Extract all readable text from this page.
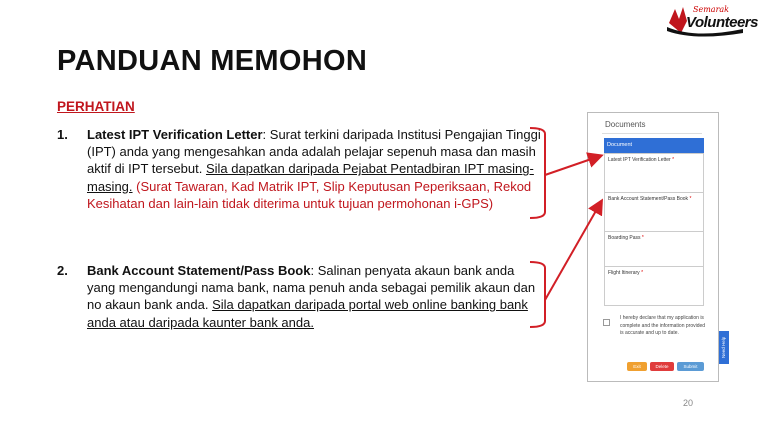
Semarak
Volunteers
PANDUAN MEMOHON
PERHATIAN
1. Latest IPT Verification Letter: Surat terkini daripada Institusi Pengajian Tinggi (IPT) anda yang mengesahkan anda adalah pelajar sepenuh masa dan masih aktif di IPT tersebut. Sila dapatkan daripada Pejabat Pentadbiran IPT masing-masing. (Surat Tawaran, Kad Matrik IPT, Slip Keputusan Peperiksaan, Rekod Kesihatan dan lain-lain tidak diterima untuk tujuan permohonan i-GPS)
2. Bank Account Statement/Pass Book: Salinan penyata akaun bank anda yang mengandungi nama bank, nama penuh anda sebagai pemilik akaun dan no akaun bank anda. Sila dapatkan daripada portal web online banking bank anda atau daripada kaunter bank anda.
Documents
Document
Latest IPT Verification Letter *
Bank Account Statement/Pass Book *
Boarding Pass *
Flight Itinerary *
I hereby declare that my application is complete and the information provided is accurate and up to date.
Exit	Delete	Submit
Need Help
20
